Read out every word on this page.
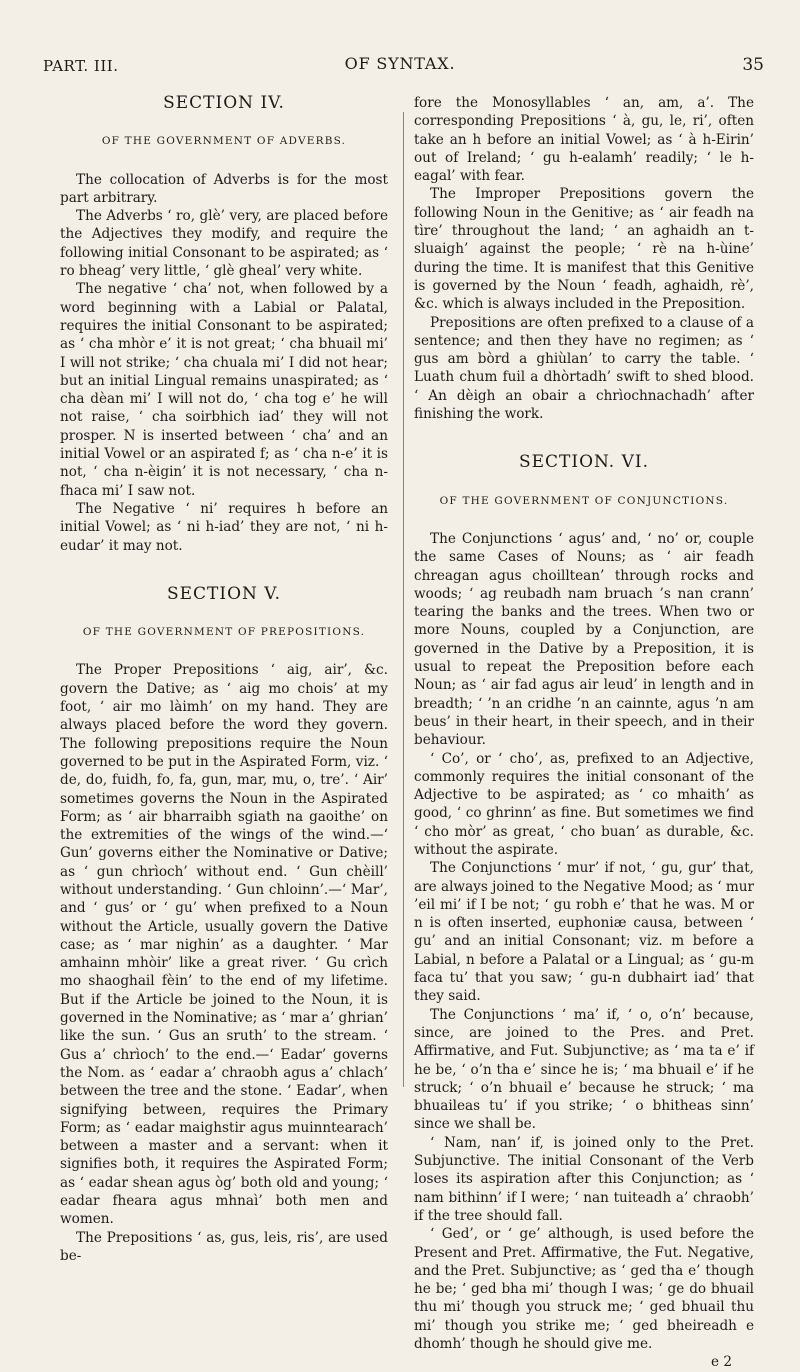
PART. III.	OF SYNTAX.	35
SECTION IV.
OF THE GOVERNMENT OF ADVERBS.

The collocation of Adverbs is for the most part arbitrary.

The Adverbs ‘ ro, glè’ very, are placed before the Adjectives they modify, and require the following initial Consonant to be aspirated; as ‘ ro bheag’ very little, ‘ glè gheal’ very white.

The negative ‘ cha’ not, when followed by a word beginning with a Labial or Palatal, requires the initial Consonant to be aspirated; as ‘ cha mhòr e’ it is not great; ‘ cha bhuail mi’ I will not strike; ‘ cha chuala mi’ I did not hear; but an initial Lingual remains unaspirated; as ‘ cha dèan mi’ I will not do, ‘ cha tog e’ he will not raise, ‘ cha soirbhich iad’ they will not prosper. N is inserted between ‘ cha’ and an initial Vowel or an aspirated f; as ‘ cha n-e’ it is not, ‘ cha n-èigin’ it is not necessary, ‘ cha n-fhaca mi’ I saw not.

The Negative ‘ ni’ requires h before an initial Vowel; as ‘ ni h-iad’ they are not, ‘ ni h-eudar’ it may not.

SECTION V.
OF THE GOVERNMENT OF PREPOSITIONS.

The Proper Prepositions ‘ aig, air’, &c. govern the Dative; as ‘ aig mo chois’ at my foot, ‘ air mo làimh’ on my hand. They are always placed before the word they govern. The following prepositions require the Noun governed to be put in the Aspirated Form, viz. ‘ de, do, fuidh, fo, fa, gun, mar, mu, o, tre’. ‘ Air’ sometimes governs the Noun in the Aspirated Form; as ‘ air bharraibh sgiath na gaoithe’ on the extremities of the wings of the wind.—‘ Gun’ governs either the Nominative or Dative; as ‘ gun chrìoch’ without end. ‘ Gun chèill’ without understanding. ‘ Gun chloinn’.—‘ Mar’, and ‘ gus’ or ‘ gu’ when prefixed to a Noun without the Article, usually govern the Dative case; as ‘ mar nighin’ as a daughter. ‘ Mar amhainn mhòir’ like a great river. ‘ Gu crìch mo shaoghail fèin’ to the end of my lifetime. But if the Article be joined to the Noun, it is governed in the Nominative; as ‘ mar a’ ghrian’ like the sun. ‘ Gus an sruth’ to the stream. ‘ Gus a’ chrìoch’ to the end.—‘ Eadar’ governs the Nom. as ‘ eadar a’ chraobh agus a’ chlach’ between the tree and the stone. ‘ Eadar’, when signifying between, requires the Primary Form; as ‘ eadar maighstir agus muinntearach’ between a master and a servant: when it signifies both, it requires the Aspirated Form; as ‘ eadar shean agus òg’ both old and young; ‘ eadar fheara agus mhnaì’ both men and women.

The Prepositions ‘ as, gus, leis, ris’, are used be-

fore the Monosyllables ‘ an, am, a’. The corresponding Prepositions ‘ à, gu, le, ri’, often take an h before an initial Vowel; as ‘ à h-Eirin’ out of Ireland; ‘ gu h-ealamh’ readily; ‘ le h-eagal’ with fear.

The Improper Prepositions govern the following Noun in the Genitive; as ‘ air feadh na tìre’ throughout the land; ‘ an aghaidh an t-sluaigh’ against the people; ‘ rè na h-ùine’ during the time. It is manifest that this Genitive is governed by the Noun ‘ feadh, aghaidh, rè’, &c. which is always included in the Preposition.

Prepositions are often prefixed to a clause of a sentence; and then they have no regimen; as ‘ gus am bòrd a ghiùlan’ to carry the table. ‘ Luath chum fuil a dhòrtadh’ swift to shed blood. ‘ An dèigh an obair a chrìochnachadh’ after finishing the work.

SECTION. VI.
OF THE GOVERNMENT OF CONJUNCTIONS.

The Conjunctions ‘ agus’ and, ‘ no’ or, couple the same Cases of Nouns; as ‘ air feadh chreagan agus choilltean’ through rocks and woods; ‘ ag reubadh nam bruach ’s nan crann’ tearing the banks and the trees. When two or more Nouns, coupled by a Conjunction, are governed in the Dative by a Preposition, it is usual to repeat the Preposition before each Noun; as ‘ air fad agus air leud’ in length and in breadth; ‘ ’n an cridhe ’n an cainnte, agus ’n am beus’ in their heart, in their speech, and in their behaviour.

‘ Co’, or ‘ cho’, as, prefixed to an Adjective, commonly requires the initial consonant of the Adjective to be aspirated; as ‘ co mhaith’ as good, ‘ co ghrinn’ as fine. But sometimes we find ‘ cho mòr’ as great, ‘ cho buan’ as durable, &c. without the aspirate.

The Conjunctions ‘ mur’ if not, ‘ gu, gur’ that, are always joined to the Negative Mood; as ‘ mur ’eil mi’ if I be not; ‘ gu robh e’ that he was. M or n is often inserted, euphoniæ causa, between ‘ gu’ and an initial Consonant; viz. m before a Labial, n before a Palatal or a Lingual; as ‘ gu-m faca tu’ that you saw; ‘ gu-n dubhairt iad’ that they said.

The Conjunctions ‘ ma’ if, ‘ o, o’n’ because, since, are joined to the Pres. and Pret. Affirmative, and Fut. Subjunctive; as ‘ ma ta e’ if he be, ‘ o’n tha e’ since he is; ‘ ma bhuail e’ if he struck; ‘ o’n bhuail e’ because he struck; ‘ ma bhuaileas tu’ if you strike; ‘ o bhitheas sinn’ since we shall be.

‘ Nam, nan’ if, is joined only to the Pret. Subjunctive. The initial Consonant of the Verb loses its aspiration after this Conjunction; as ‘ nam bithinn’ if I were; ‘ nan tuiteadh a’ chraobh’ if the tree should fall.

‘ Ged’, or ‘ ge’ although, is used before the Present and Pret. Affirmative, the Fut. Negative, and the Pret. Subjunctive; as ‘ ged tha e’ though he be; ‘ ged bha mi’ though I was; ‘ ge do bhuail thu mi’ though you struck me; ‘ ged bhuail thu mi’ though you strike me; ‘ ged bheireadh e dhomh’ though he should give me.

e 2
